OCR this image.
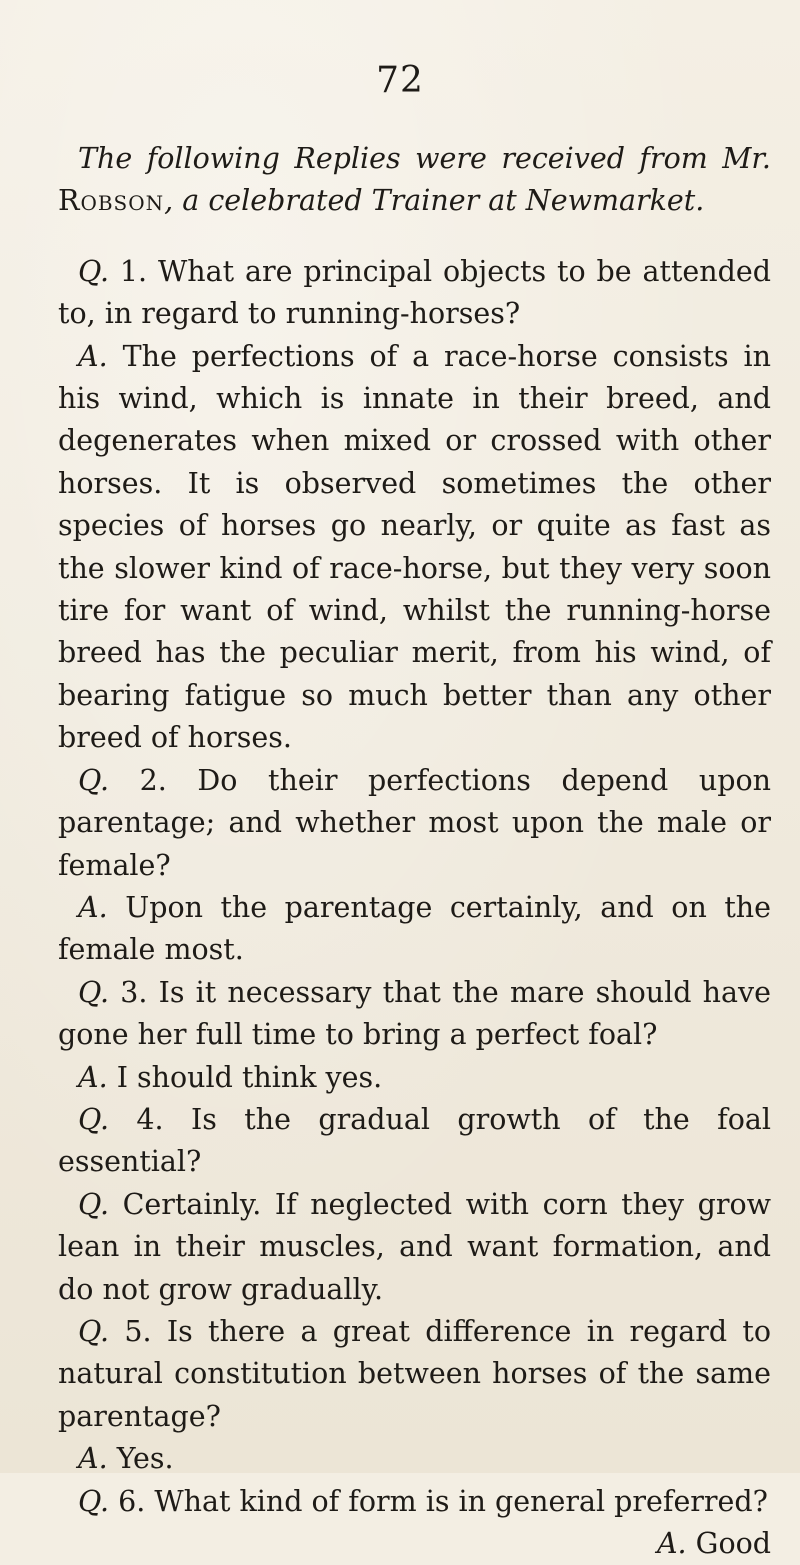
72

The following Replies were received from Mr. Robson, a celebrated Trainer at Newmarket.

Q. 1. What are principal objects to be attended to, in regard to running-horses?

A. The perfections of a race-horse consists in his wind, which is innate in their breed, and degenerates when mixed or crossed with other horses. It is observed sometimes the other species of horses go nearly, or quite as fast as the slower kind of race-horse, but they very soon tire for want of wind, whilst the running-horse breed has the peculiar merit, from his wind, of bearing fatigue so much better than any other breed of horses.

Q. 2. Do their perfections depend upon parentage; and whether most upon the male or female?

A. Upon the parentage certainly, and on the female most.

Q. 3. Is it necessary that the mare should have gone her full time to bring a perfect foal?

A. I should think yes.

Q. 4. Is the gradual growth of the foal essential?

Q. Certainly. If neglected with corn they grow lean in their muscles, and want formation, and do not grow gradually.

Q. 5. Is there a great difference in regard to natural constitution between horses of the same parentage?

A. Yes.

Q. 6. What kind of form is in general preferred?

A. Good
